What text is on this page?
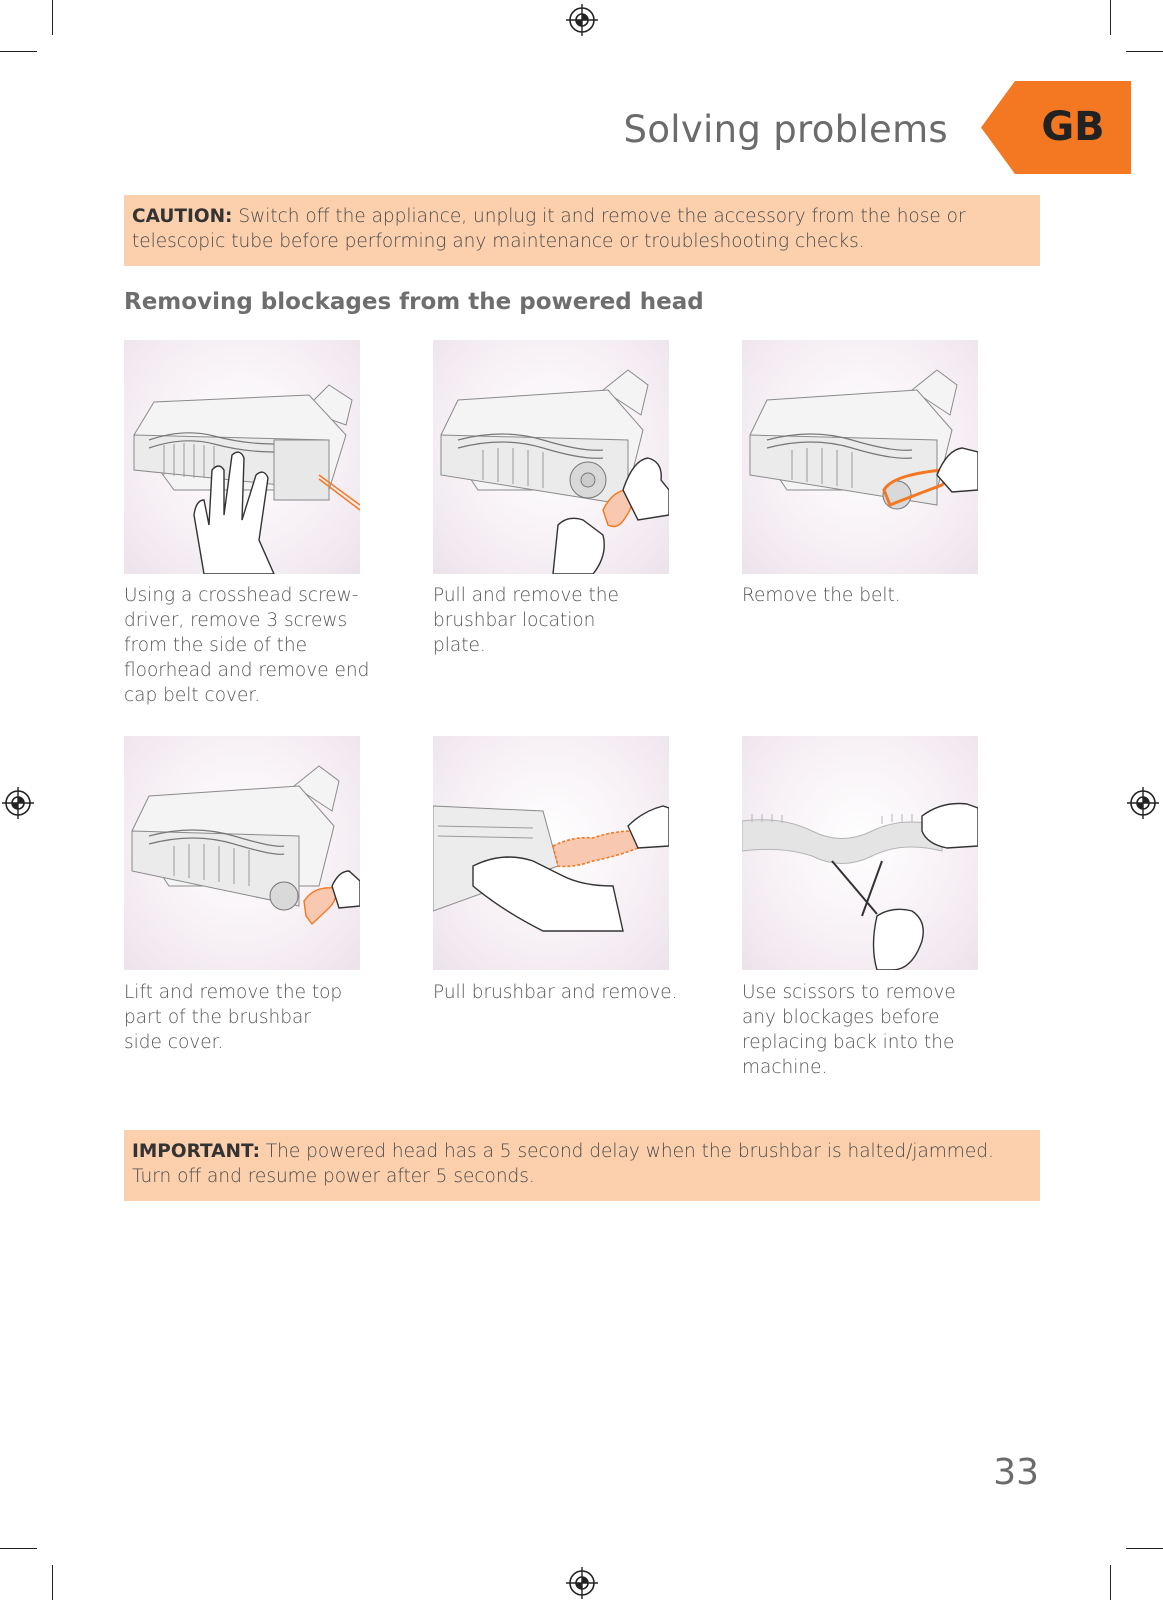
Solving problems	GB
CAUTION: Switch off the appliance, unplug it and remove the accessory from the hose or telescopic tube before performing any maintenance or troubleshooting checks.
Removing blockages from the powered head
Using a crosshead screw-driver, remove 3 screws from the side of the floorhead and remove end cap belt cover.
Pull and remove the brushbar location plate.
Remove the belt.
Lift and remove the top part of the brushbar side cover.
Pull brushbar and remove.	Use scissors to remove any blockages before replacing back into the machine.
IMPORTANT: The powered head has a 5 second delay when the brushbar is halted/jammed. Turn off and resume power after 5 seconds.
33
